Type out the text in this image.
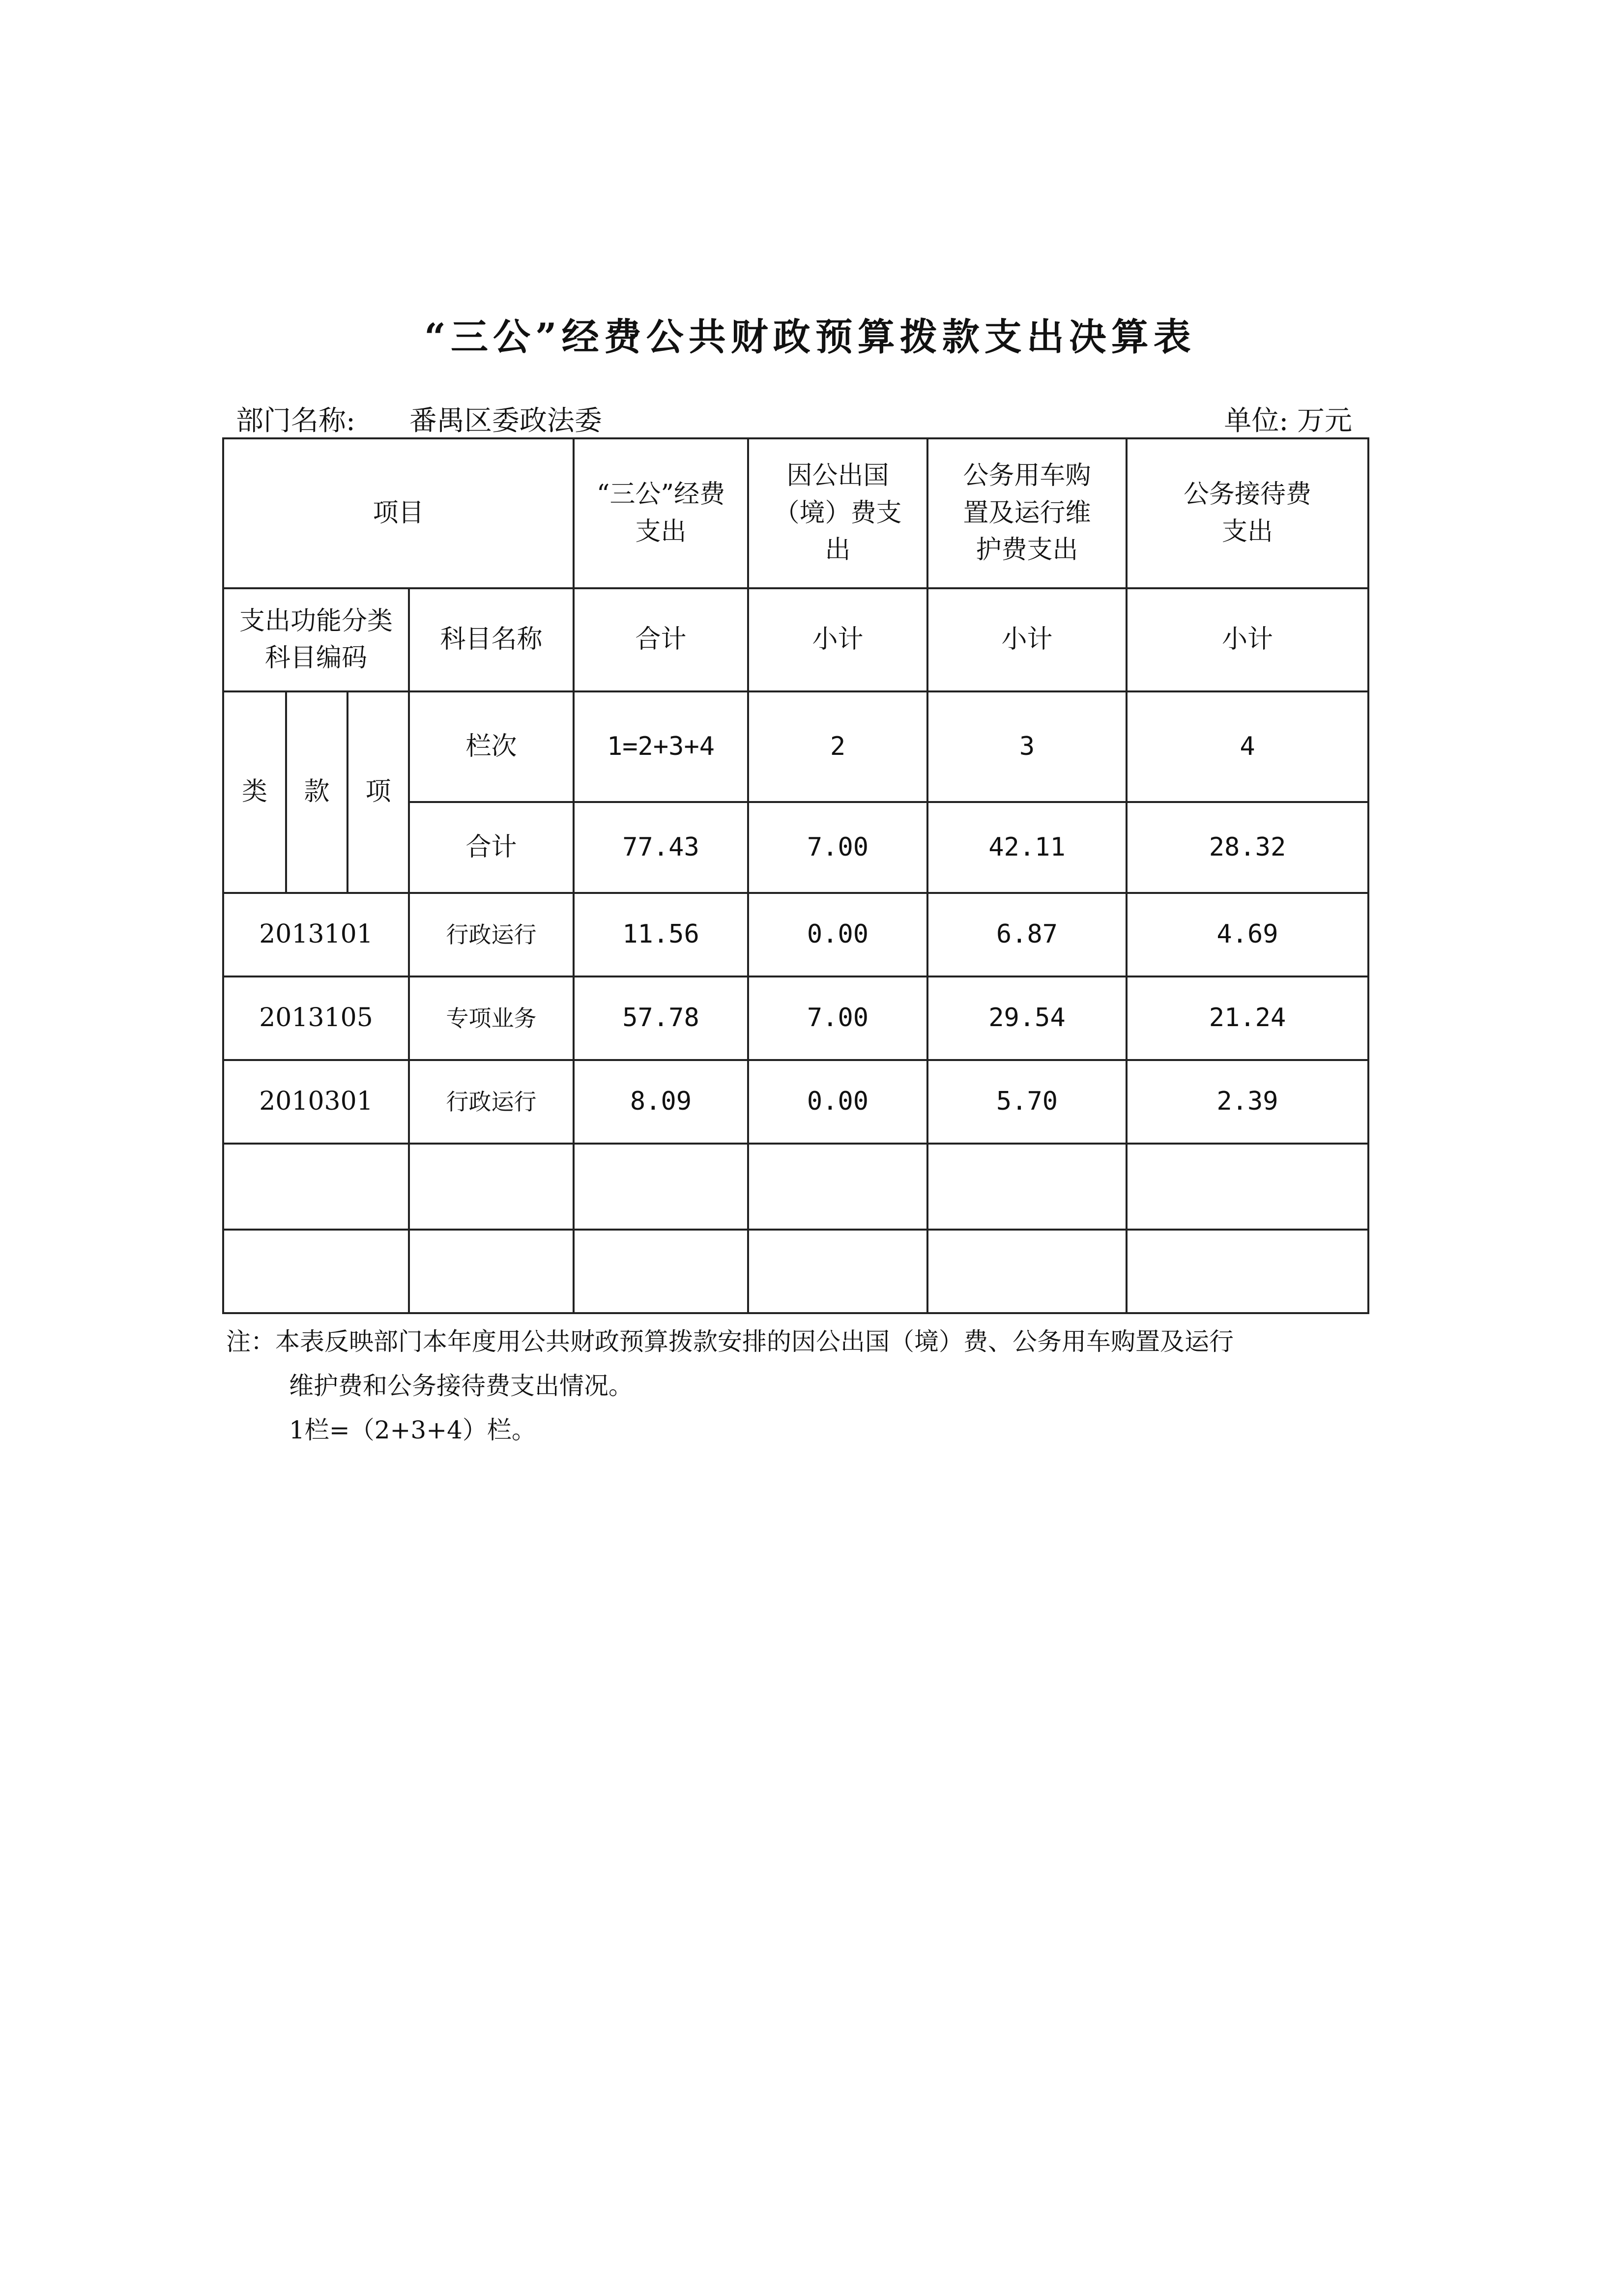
“三公”经费公共财政预算拨款支出决算表
部门名称: 番禺区委政法委	单位: 万元
项目				“三公”经费支出	因公出国（境）费支出	公务用车购置及运行维护费支出	公务接待费支出
支出功能分类科目编码			科目名称	合计	小计	小计	小计
类	款	项	栏次	1=2+3+4	2	3	4
			合计	77.43	7.00	42.11	28.32
2013101			行政运行	11.56	0.00	6.87	4.69
2013105			专项业务	57.78	7.00	29.54	21.24
2010301			行政运行	8.09	0.00	5.70	2.39

注：本表反映部门本年度用公共财政预算拨款安排的因公出国（境）费、公务用车购置及运行
维护费和公务接待费支出情况。
1栏=（2+3+4）栏。
